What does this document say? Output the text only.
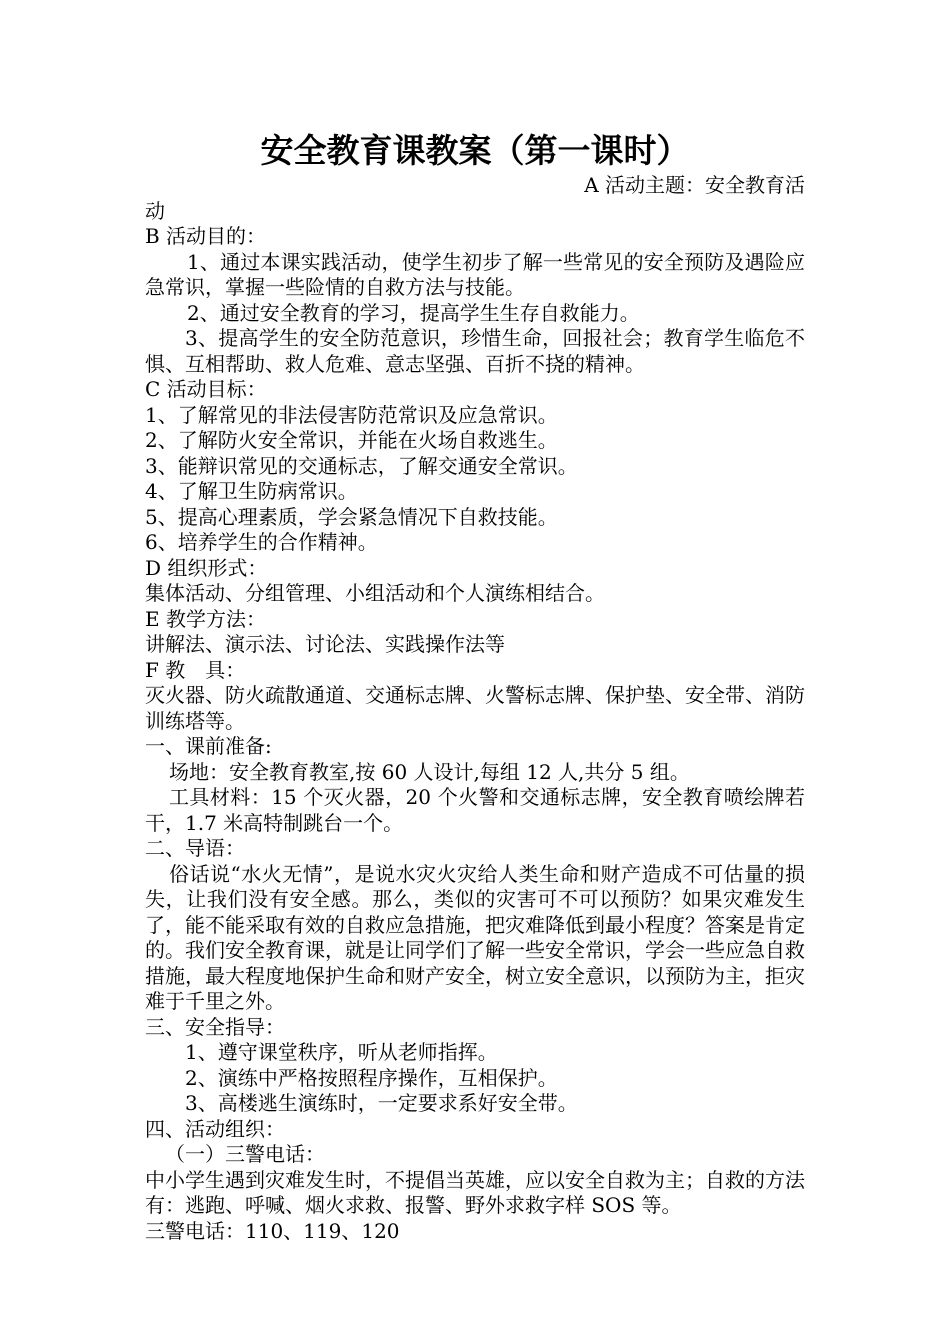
安全教育课教案（第一课时）

A 活动主题：安全教育活

动

B 活动目的：

1、通过本课实践活动，使学生初步了解一些常见的安全预防及遇险应急常识，掌握一些险情的自救方法与技能。

2、通过安全教育的学习，提高学生生存自救能力。

3、提高学生的安全防范意识，珍惜生命，回报社会；教育学生临危不惧、互相帮助、救人危难、意志坚强、百折不挠的精神。

C 活动目标：

1、了解常见的非法侵害防范常识及应急常识。

2、了解防火安全常识，并能在火场自救逃生。

3、能辩识常见的交通标志，了解交通安全常识。

4、了解卫生防病常识。

5、提高心理素质，学会紧急情况下自救技能。

6、培养学生的合作精神。

D 组织形式：

集体活动、分组管理、小组活动和个人演练相结合。

E 教学方法：

讲解法、演示法、讨论法、实践操作法等

F 教　具：

灭火器、防火疏散通道、交通标志牌、火警标志牌、保护垫、安全带、消防训练塔等。

一、课前准备:

场地：安全教育教室,按 60 人设计,每组 12 人,共分 5 组。

工具材料：15 个灭火器，20 个火警和交通标志牌，安全教育喷绘牌若干，1.7 米高特制跳台一个。

二、导语：

俗话说“水火无情”，是说水灾火灾给人类生命和财产造成不可估量的损失，让我们没有安全感。那么，类似的灾害可不可以预防？如果灾难发生了，能不能采取有效的自救应急措施，把灾难降低到最小程度？答案是肯定的。我们安全教育课，就是让同学们了解一些安全常识，学会一些应急自救措施，最大程度地保护生命和财产安全，树立安全意识，以预防为主，拒灾难于千里之外。

三、安全指导：

1、遵守课堂秩序，听从老师指挥。

2、演练中严格按照程序操作，互相保护。

3、高楼逃生演练时，一定要求系好安全带。

四、活动组织：

（一）三警电话：

中小学生遇到灾难发生时，不提倡当英雄，应以安全自救为主；自救的方法有：逃跑、呼喊、烟火求救、报警、野外求救字样 SOS 等。

三警电话：110、119、120
